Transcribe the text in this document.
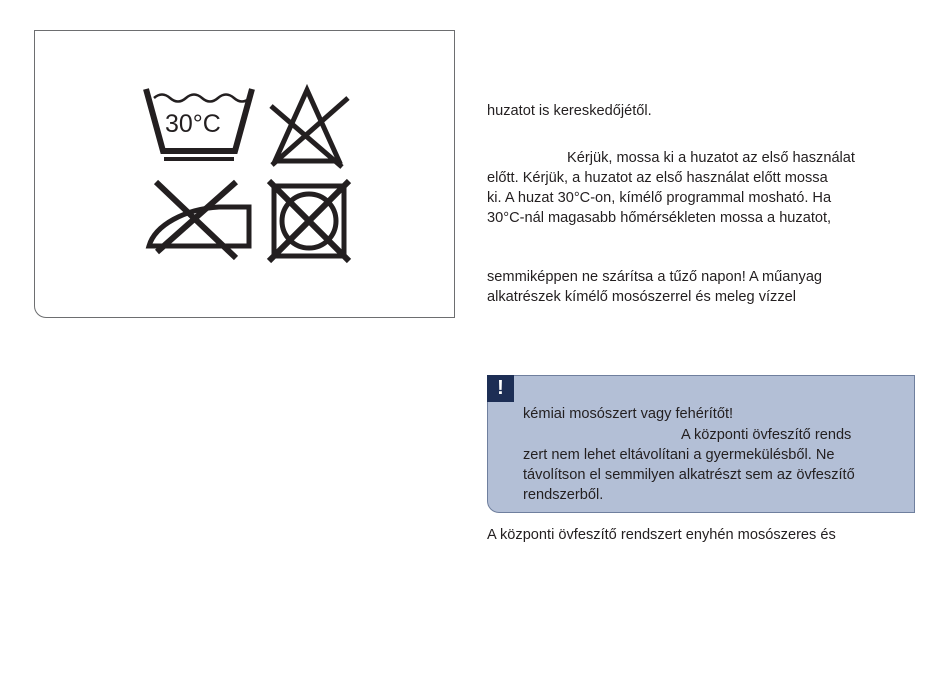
30°C	huzatot is kereskedőjétől.
Kérjük, mossa ki a huzatot az első használat
előtt. Kérjük, a huzatot az első használat előtt mossa
ki. A huzat 30°C-on, kímélő programmal mosható. Ha
30°C-nál magasabb hőmérsékleten mossa a huzatot,
semmiképpen ne szárítsa a tűző napon! A műanyag
alkatrészek kímélő mosószerrel és meleg vízzel
!
kémiai mosószert vagy fehérítőt!
A központi övfeszítő rends
zert nem lehet eltávolítani a gyermekülésből. Ne
távolítson el semmilyen alkatrészt sem az övfeszítő
rendszerből.
A központi övfeszítő rendszert enyhén mosószeres és
